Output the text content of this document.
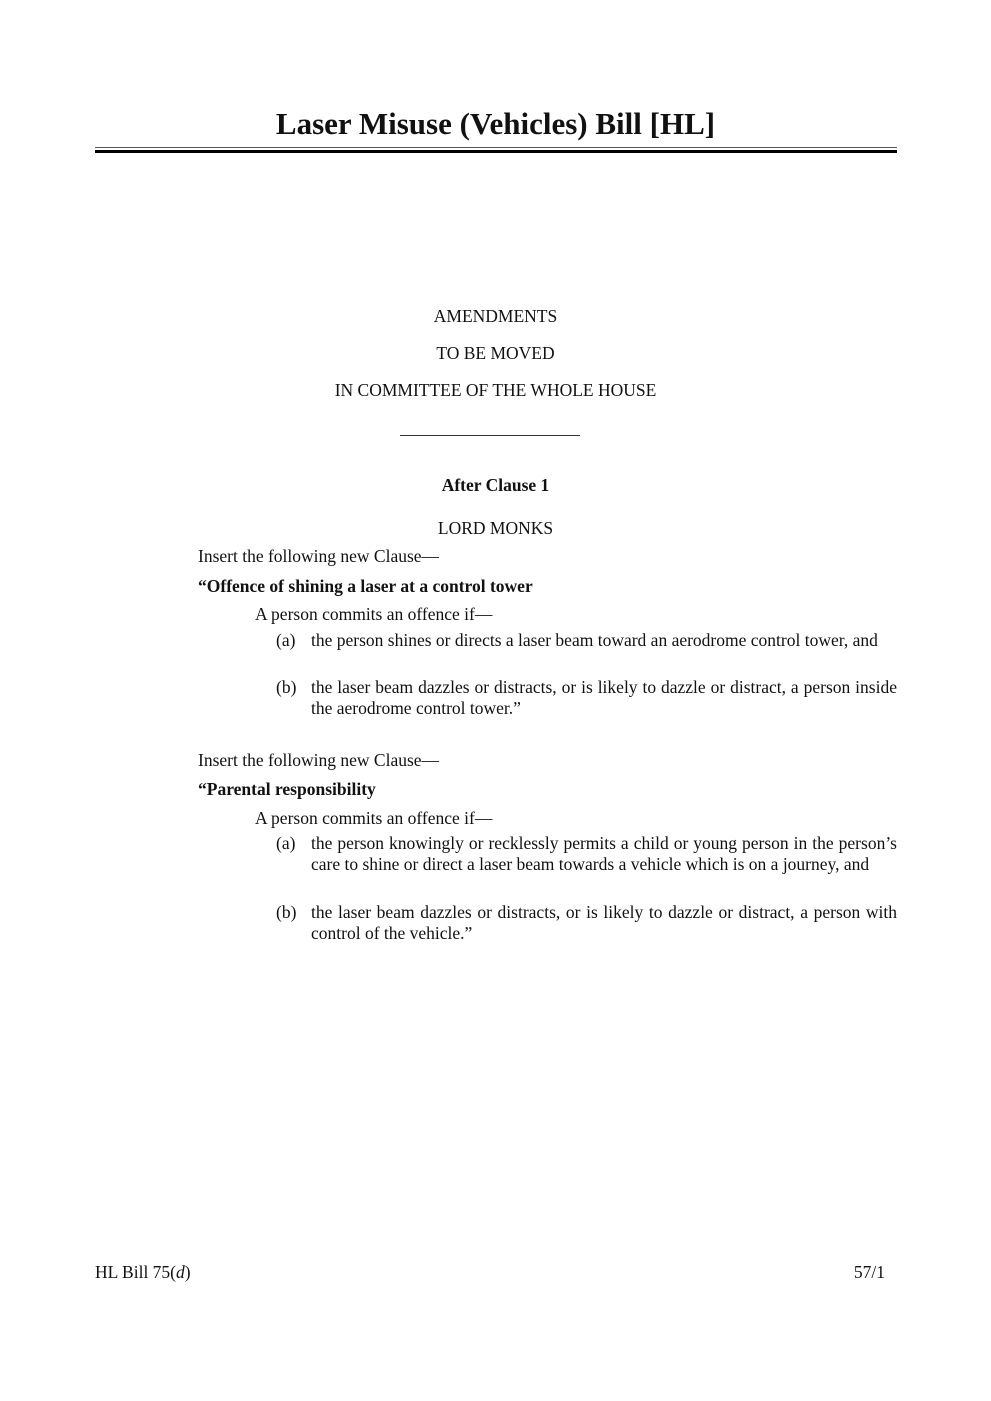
Laser Misuse (Vehicles) Bill [HL]
AMENDMENTS
TO BE MOVED
IN COMMITTEE OF THE WHOLE HOUSE
After Clause 1
LORD MONKS
Insert the following new Clause—
“Offence of shining a laser at a control tower
A person commits an offence if—
(a) the person shines or directs a laser beam toward an aerodrome control tower, and
(b) the laser beam dazzles or distracts, or is likely to dazzle or distract, a person inside the aerodrome control tower.”
Insert the following new Clause—
“Parental responsibility
A person commits an offence if—
(a) the person knowingly or recklessly permits a child or young person in the person’s care to shine or direct a laser beam towards a vehicle which is on a journey, and
(b) the laser beam dazzles or distracts, or is likely to dazzle or distract, a person with control of the vehicle.”
HL Bill 75(d)	57/1
